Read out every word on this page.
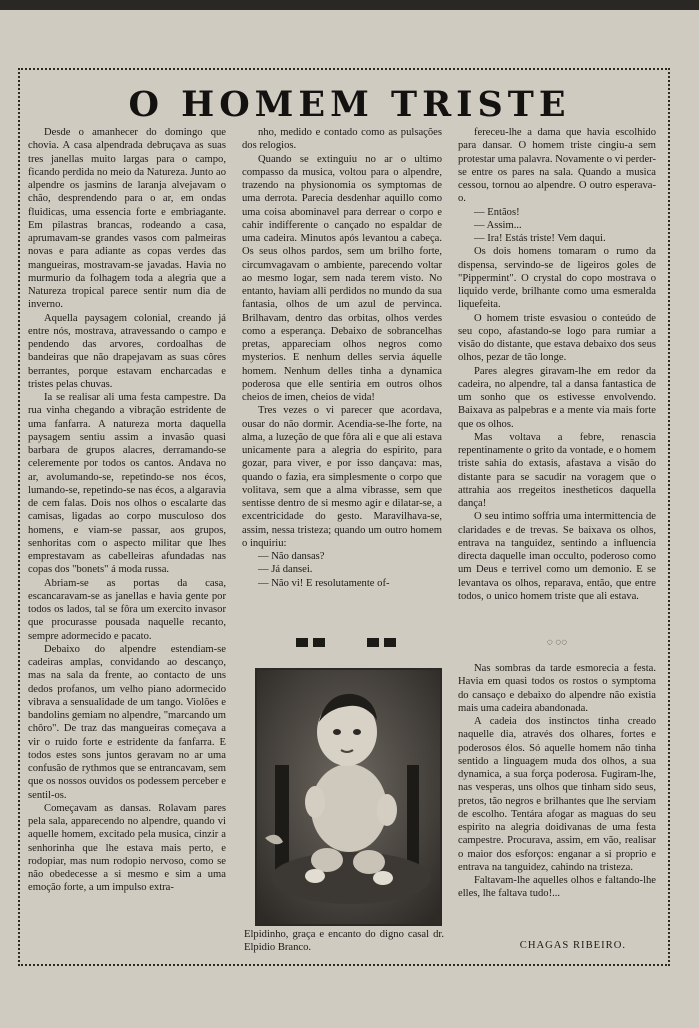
O HOMEM TRISTE

Desde o amanhecer do domingo que chovia. A casa alpendrada debruçava as suas tres janellas muito largas para o campo, ficando perdida no meio da Natureza. Junto ao alpendre os jasmins de laranja alvejavam o chão, desprendendo para o ar, em ondas fluidicas, uma essencia forte e embriagante. Em pilastras brancas, rodeando a casa, aprumavam-se grandes vasos com palmeiras novas e para adiante as copas verdes das mangueiras, mostravam-se javadas. Havia no murmurio da folhagem toda a alegria que a Natureza tropical parece sentir num dia de inverno.

Aquella paysagem colonial, creando já entre nós, mostrava, atravessando o campo e pendendo das arvores, cordoalhas de bandeiras que não drapejavam as suas côres berrantes, porque estavam encharcadas e tristes pelas chuvas.

Ia se realisar ali uma festa campestre. Da rua vinha chegando a vibração estridente de uma fanfarra. A natureza morta daquella paysagem sentiu assim a invasão quasi barbara de grupos alacres, derramando-se celeremente por todos os cantos. Andava no ar, avolumando-se, repetindo-se nos écos, lumando-se, repetindo-se nas écos, a algaravia de cem falas. Dois nos olhos o escalarte das camisas, ligadas ao corpo musculoso dos homens, e viam-se passar, aos grupos, senhoritas com o aspecto militar que lhes emprestavam as cabelleiras afundadas nas copas dos "bonets" á moda russa.

Abriam-se as portas da casa, escancaravam-se as janellas e havia gente por todos os lados, tal se fôra um exercito invasor que procurasse pousada naquelle recanto, sempre adormecido e pacato.

Debaixo do alpendre estendiam-se cadeiras amplas, convidando ao descanço, mas na sala da frente, ao contacto de uns dedos profanos, um velho piano adormecido vibrava a sensualidade de um tango. Violões e bandolins gemiam no alpendre, "marcando um chôro". De traz das mangueiras começava a vir o ruido forte e estridente da fanfarra. E todos estes sons juntos geravam no ar uma confusão de rythmos que se entrancavam, sem que os nossos ouvidos os podessem perceber e sentil-os.

Começavam as dansas. Rolavam pares pela sala, apparecendo no alpendre, quando vi aquelle homem, excitado pela musica, cinzir a senhorinha que lhe estava mais perto, e rodopiar, mas num rodopio nervoso, como se não obedecesse a si mesmo e sim a uma emoção forte, a um impulso extra-

nho, medido e contado como as pulsações dos relogios.

Quando se extinguiu no ar o ultimo compasso da musica, voltou para o alpendre, trazendo na physionomia os symptomas de uma derrota. Parecia desdenhar aquillo como uma coisa abominavel para derrear o corpo e cahir indifferente o cançado no espaldar de uma cadeira. Minutos após levantou a cabeça. Os seus olhos pardos, sem um brilho forte, circumvagavam o ambiente, parecendo voltar ao mesmo logar, sem nada terem visto. No entanto, haviam alli perdidos no mundo da sua fantasia, olhos de um azul de pervinca. Brilhavam, dentro das orbitas, olhos verdes como a esperança. Debaixo de sobrancelhas pretas, appareciam olhos negros como mysterios. E nenhum delles servia áquelle homem. Nenhum delles tinha a dynamica poderosa que elle sentiria em outros olhos cheios de imen, cheios de vida!

Tres vezes o vi parecer que acordava, ousar do não dormir. Acendia-se-lhe forte, na alma, a luzeção de que fôra ali e que ali estava unicamente para a alegria do espirito, para gozar, para viver, e por isso dançava: mas, quando o fazia, era simplesmente o corpo que volitava, sem que a alma vibrasse, sem que sentisse dentro de si mesmo agir e dilatar-se, a excentricidade do gesto. Maravilhava-se, assim, nessa tristeza; quando um outro homem o inquiriu:

— Não dansas?

— Já dansei.

— Não vi! E resolutamente of-

fereceu-lhe a dama que havia escolhido para dansar. O homem triste cingiu-a sem protestar uma palavra. Novamente o vi perder-se entre os pares na sala. Quando a musica cessou, tornou ao alpendre. O outro esperava-o.

— Entãos!

— Assim...

— Ira! Estás triste! Vem daqui.

Os dois homens tomaram o rumo da dispensa, servindo-se de ligeiros goles de "Pippermint". O crystal do copo mostrava o liquido verde, brilhante como uma esmeralda liquefeita.

O homem triste esvasiou o conteúdo de seu copo, afastando-se logo para rumiar a visão do distante, que estava debaixo dos seus olhos, pezar de tão longe.

Pares alegres giravam-lhe em redor da cadeira, no alpendre, tal a dansa fantastica de um sonho que os estivesse envolvendo. Baixava as palpebras e a mente via mais forte que os olhos.

Mas voltava a febre, renascia repentinamente o grito da vontade, e o homem triste sahia do extasis, afastava a visão do distante para se sacudir na voragem que o attrahia aos rregeitos inestheticos daquella dança!

O seu intimo soffria uma intermittencia de claridades e de trevas. Se baixava os olhos, entrava na tanguidez, sentindo a influencia directa daquelle iman occulto, poderoso como um Deus e terrivel como um demonio. E se levantava os olhos, reparava, então, que entre todos, o unico homem triste que ali estava.

Elpidinho, graça e encanto do digno casal dr. Elpidio Branco.
◌ ◌◌

Nas sombras da tarde esmorecia a festa. Havia em quasi todos os rostos o symptoma do cansaço e debaixo do alpendre não existia mais uma cadeira abandonada.

A cadeia dos instinctos tinha creado naquelle dia, através dos olhares, fortes e poderosos élos. Só aquelle homem não tinha sentido a linguagem muda dos olhos, a sua dynamica, a sua força poderosa. Fugiram-lhe, nas vesperas, uns olhos que tinham sido seus, pretos, tão negros e brilhantes que lhe serviam de escolho. Tentára afogar as maguas do seu espirito na alegria doidivanas de uma festa campestre. Procurava, assim, em vão, realisar o maior dos esforços: enganar a si proprio e entrava na tanguidez, cahindo na tristeza.

Faltavam-lhe aquelles olhos e faltando-lhe elles, lhe faltava tudo!...

CHAGAS RIBEIRO.
